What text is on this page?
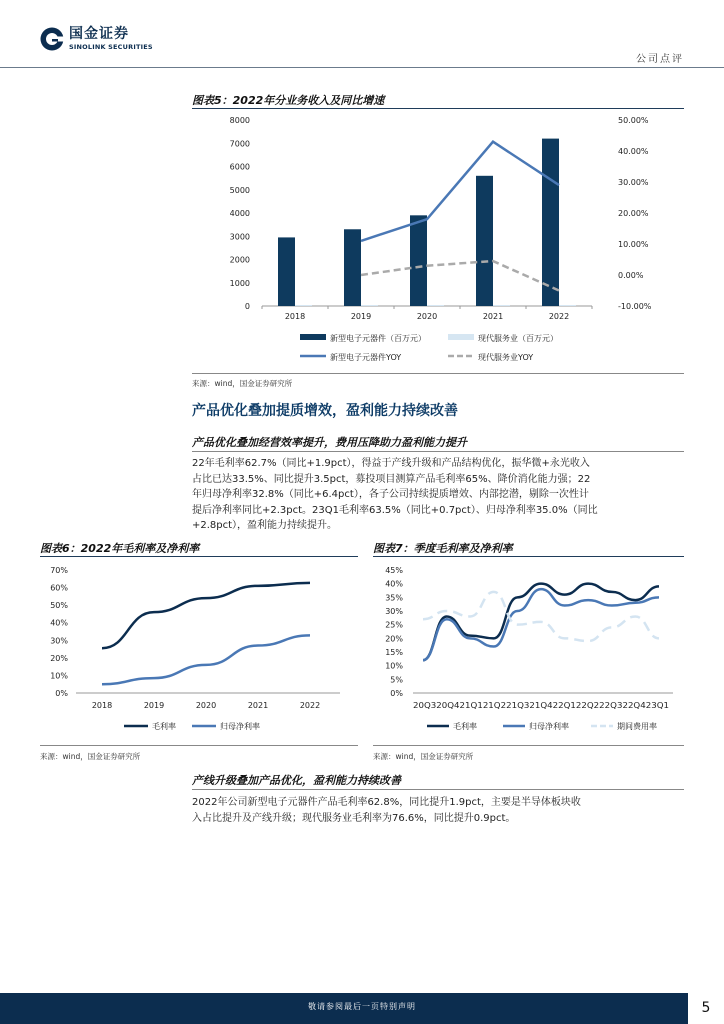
国金证券
SINOLINK SECURITIES
公司点评
图表5：2022年分业务收入及同比增速
0
1000
2000
3000
4000
5000
6000
7000
8000
-10.00%
0.00%
10.00%
20.00%
30.00%
40.00%
50.00%
2018	2019	2020	2021	2022
新型电子元器件（百万元）	现代服务业（百万元）
新型电子元器件YOY	现代服务业YOY
来源：wind，国金证券研究所
产品优化叠加提质增效，盈利能力持续改善
产品优化叠加经营效率提升，费用压降助力盈利能力提升
22年毛利率62.7%（同比+1.9pct），得益于产线升级和产品结构优化，振华微+永光收入
占比已达33.5%、同比提升3.5pct，募投项目测算产品毛利率65%、降价消化能力强；22
年归母净利率32.8%（同比+6.4pct），各子公司持续提质增效、内部挖潜，剔除一次性计
提后净利率同比+2.3pct。23Q1毛利率63.5%（同比+0.7pct）、归母净利率35.0%（同比
+2.8pct），盈利能力持续提升。
图表6：2022年毛利率及净利率
0%
10%
20%
30%
40%
50%
60%
70%
2018	2019	2020	2021	2022
毛利率	归母净利率
来源：wind，国金证券研究所
图表7：季度毛利率及净利率
0%
5%
10%
15%
20%
25%
30%
35%
40%
45%
20Q320Q421Q121Q221Q321Q422Q122Q222Q322Q423Q1
毛利率	归母净利率	期间费用率
来源：wind，国金证券研究所
产线升级叠加产品优化，盈利能力持续改善
2022年公司新型电子元器件产品毛利率62.8%，同比提升1.9pct，主要是半导体板块收
入占比提升及产线升级；现代服务业毛利率为76.6%，同比提升0.9pct。
敬请参阅最后一页特别声明	5
